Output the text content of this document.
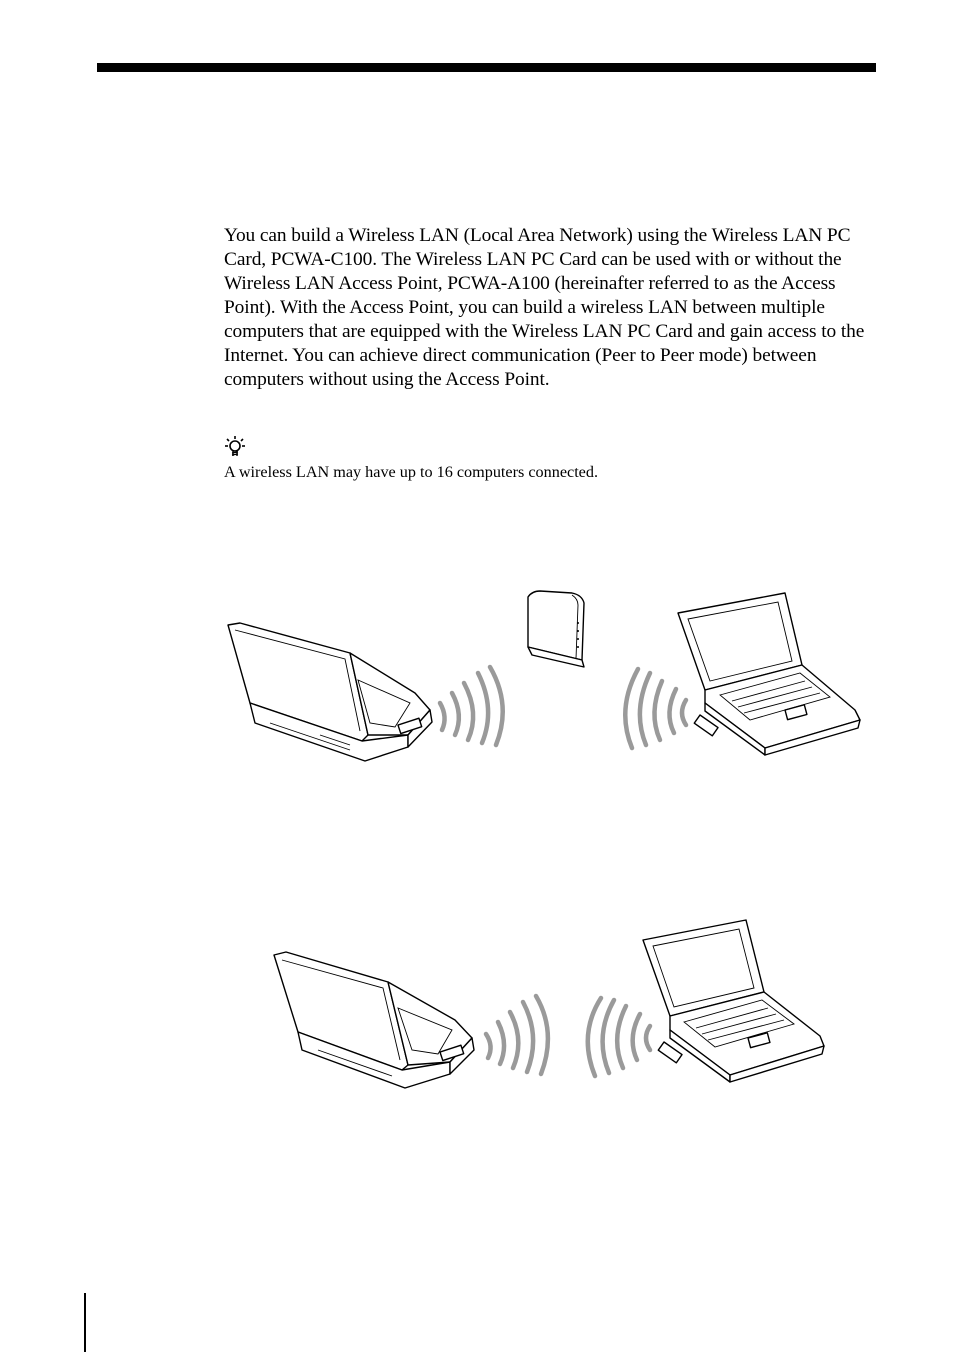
You can build a Wireless LAN (Local Area Network) using the Wireless LAN PC Card, PCWA-C100. The Wireless LAN PC Card can be used with or without the Wireless LAN Access Point, PCWA-A100 (hereinafter referred to as the Access Point). With the Access Point, you can build a wireless LAN between multiple computers that are equipped with the Wireless LAN PC Card and gain access to the Internet. You can achieve direct communication (Peer to Peer mode) between computers without using the Access Point.

A wireless LAN may have up to 16 computers connected.
